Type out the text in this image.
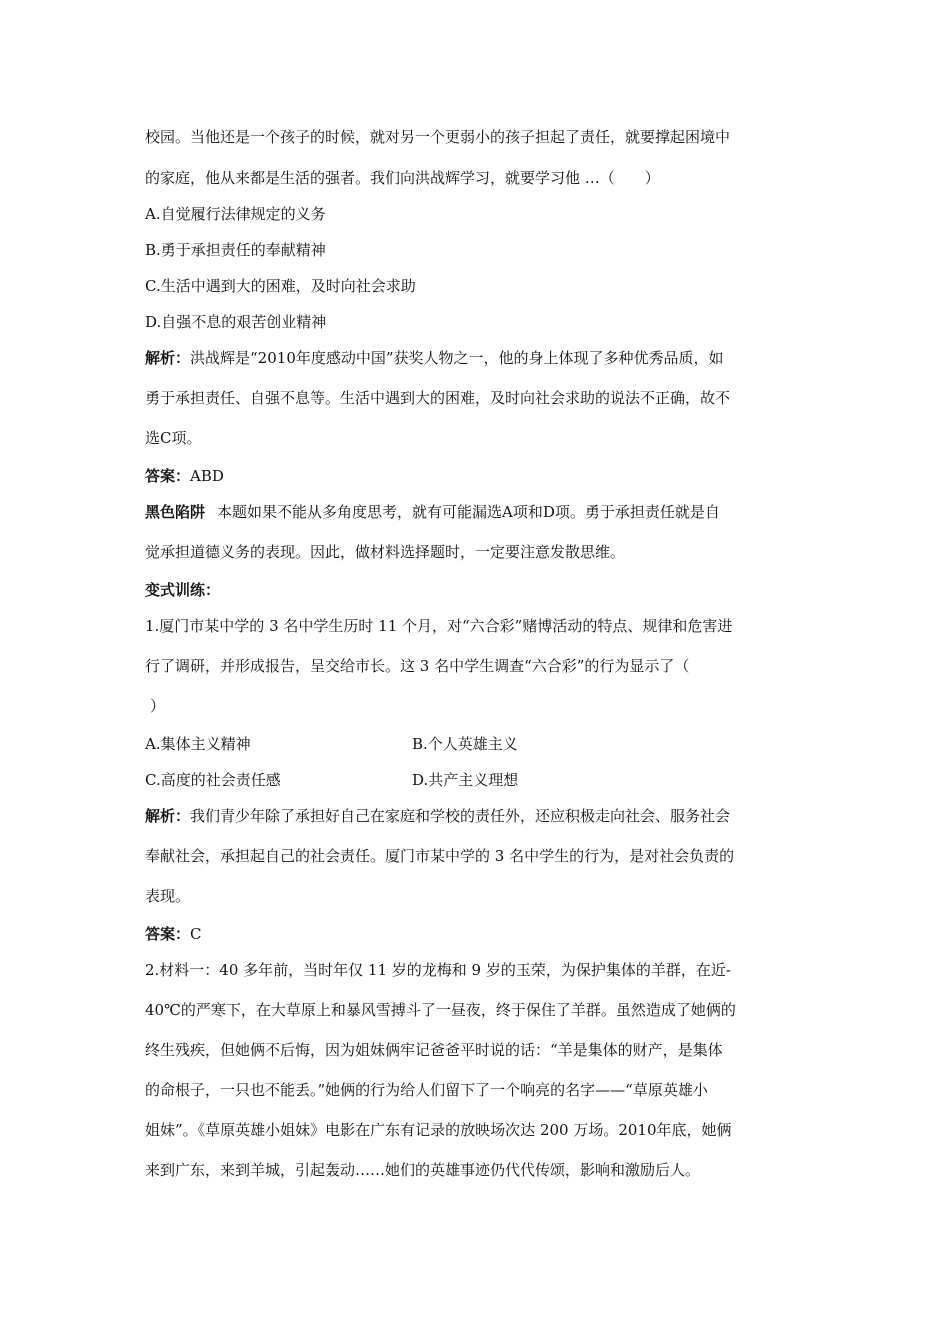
校园。当他还是一个孩子的时候，就对另一个更弱小的孩子担起了责任，就要撑起困境中
的家庭，他从来都是生活的强者。我们向洪战辉学习，就要学习他 …（　　）
A.自觉履行法律规定的义务
B.勇于承担责任的奉献精神
C.生活中遇到大的困难，及时向社会求助
D.自强不息的艰苦创业精神
解析：洪战辉是“2010年度感动中国”获奖人物之一，他的身上体现了多种优秀品质，如
勇于承担责任、自强不息等。生活中遇到大的困难，及时向社会求助的说法不正确，故不
选C项。
答案：ABD
黑色陷阱 本题如果不能从多角度思考，就有可能漏选A项和D项。勇于承担责任就是自
觉承担道德义务的表现。因此，做材料选择题时，一定要注意发散思维。
变式训练：
1.厦门市某中学的 3 名中学生历时 11 个月，对“六合彩”赌博活动的特点、规律和危害进
行了调研，并形成报告，呈交给市长。这 3 名中学生调查“六合彩”的行为显示了（
）
A.集体主义精神	B.个人英雄主义
C.高度的社会责任感	D.共产主义理想
解析：我们青少年除了承担好自己在家庭和学校的责任外，还应积极走向社会、服务社会
奉献社会，承担起自己的社会责任。厦门市某中学的 3 名中学生的行为，是对社会负责的
表现。
答案：C
2.材料一：40 多年前，当时年仅 11 岁的龙梅和 9 岁的玉荣，为保护集体的羊群，在近-
40℃的严寒下，在大草原上和暴风雪搏斗了一昼夜，终于保住了羊群。虽然造成了她俩的
终生残疾，但她俩不后悔，因为姐妹俩牢记爸爸平时说的话：“羊是集体的财产，是集体
的命根子，一只也不能丢。”她俩的行为给人们留下了一个响亮的名字——“草原英雄小
姐妹”。《草原英雄小姐妹》电影在广东有记录的放映场次达 200 万场。2010年底，她俩
来到广东，来到羊城，引起轰动……她们的英雄事迹仍代代传颂，影响和激励后人。
